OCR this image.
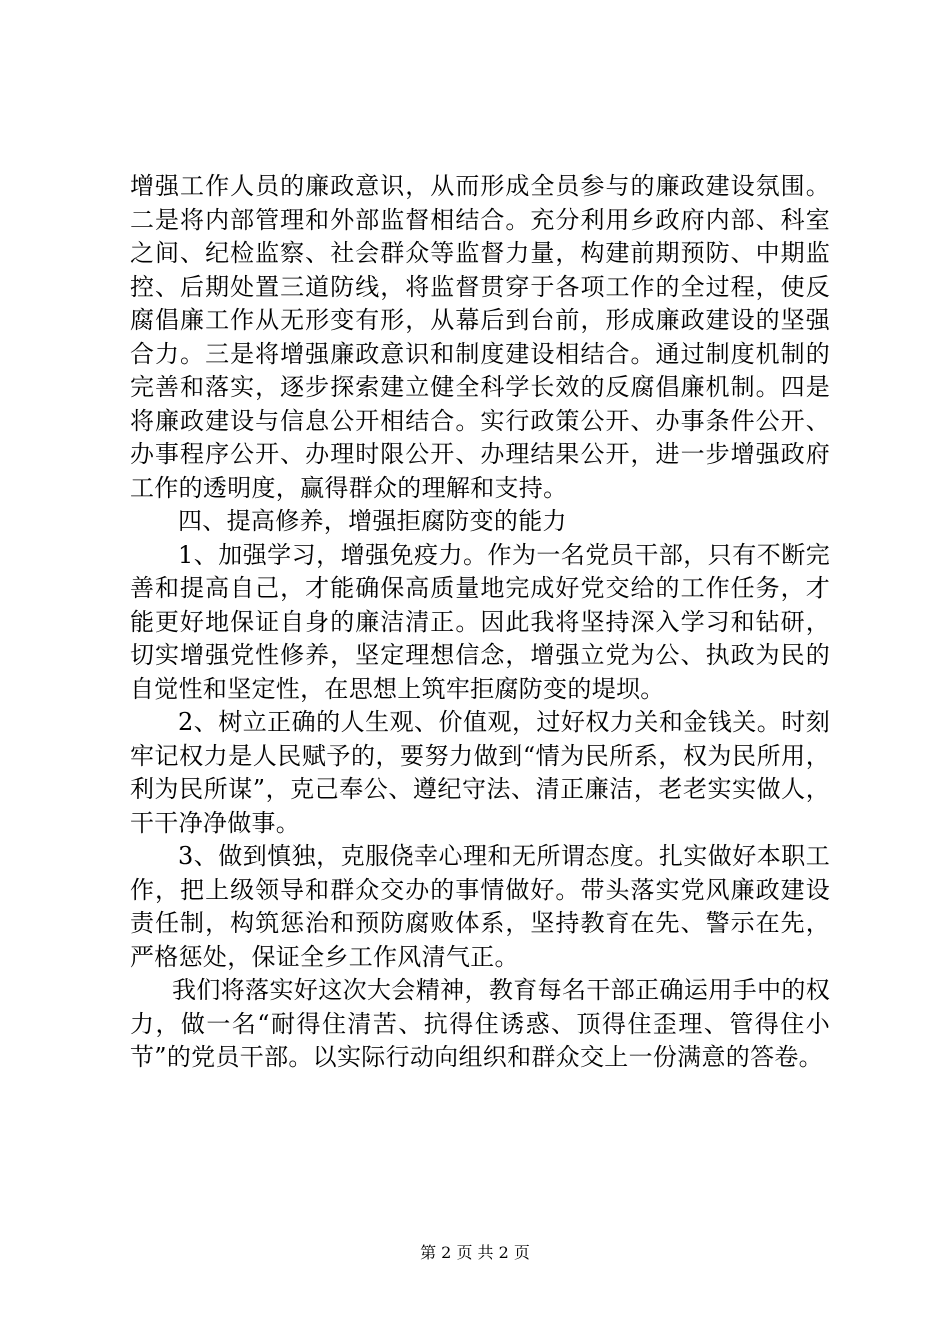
增强工作人员的廉政意识，从而形成全员参与的廉政建设氛围。二是将内部管理和外部监督相结合。充分利用乡政府内部、科室之间、纪检监察、社会群众等监督力量，构建前期预防、中期监控、后期处置三道防线，将监督贯穿于各项工作的全过程，使反腐倡廉工作从无形变有形，从幕后到台前，形成廉政建设的坚强合力。三是将增强廉政意识和制度建设相结合。通过制度机制的完善和落实，逐步探索建立健全科学长效的反腐倡廉机制。四是将廉政建设与信息公开相结合。实行政策公开、办事条件公开、办事程序公开、办理时限公开、办理结果公开，进一步增强政府工作的透明度，赢得群众的理解和支持。

四、提高修养，增强拒腐防变的能力

1、加强学习，增强免疫力。作为一名党员干部，只有不断完善和提高自己，才能确保高质量地完成好党交给的工作任务，才能更好地保证自身的廉洁清正。因此我将坚持深入学习和钻研，切实增强党性修养，坚定理想信念，增强立党为公、执政为民的自觉性和坚定性，在思想上筑牢拒腐防变的堤坝。

2、树立正确的人生观、价值观，过好权力关和金钱关。时刻牢记权力是人民赋予的，要努力做到“情为民所系，权为民所用，利为民所谋”，克己奉公、遵纪守法、清正廉洁，老老实实做人，干干净净做事。

3、做到慎独，克服侥幸心理和无所谓态度。扎实做好本职工作，把上级领导和群众交办的事情做好。带头落实党风廉政建设责任制，构筑惩治和预防腐败体系，坚持教育在先、警示在先，严格惩处，保证全乡工作风清气正。

我们将落实好这次大会精神，教育每名干部正确运用手中的权力，做一名“耐得住清苦、抗得住诱惑、顶得住歪理、管得住小节”的党员干部。以实际行动向组织和群众交上一份满意的答卷。

第 2 页 共 2 页
